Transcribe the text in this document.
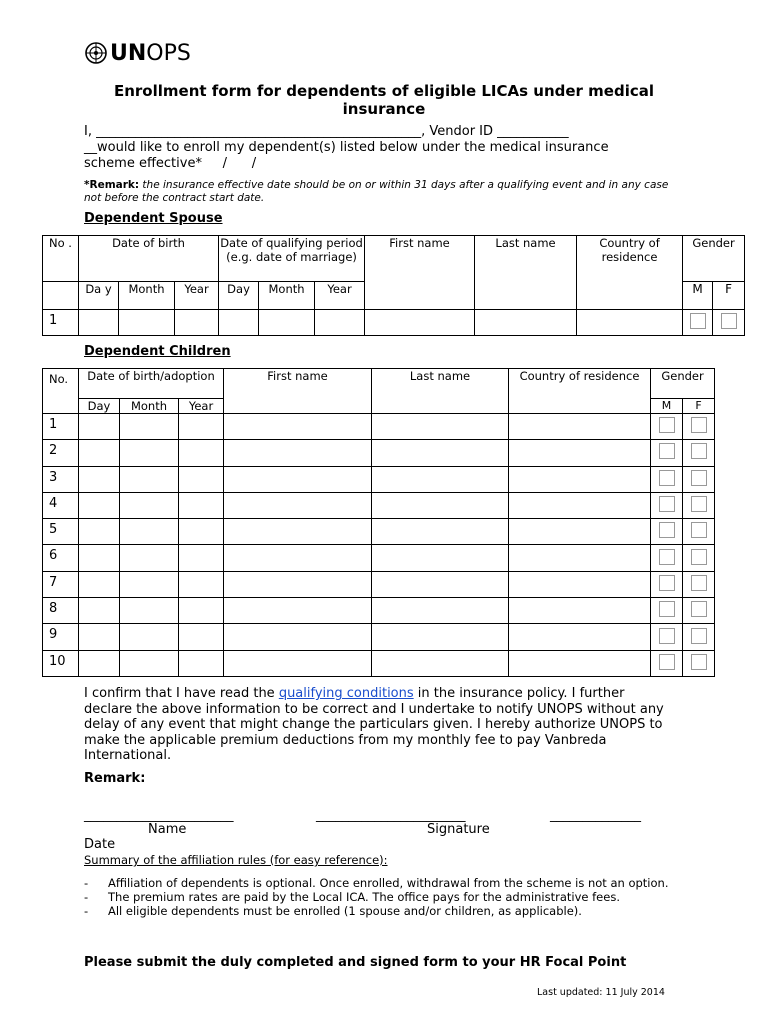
UNOPS
Enrollment form for dependents of eligible LICAs under medical insurance
I, __________________________________________________, Vendor ID ___________
__would like to enroll my dependent(s) listed below under the medical insurance
scheme effective*     /      /
*Remark: the insurance effective date should be on or within 31 days after a qualifying event and in any case not before the contract start date.
Dependent Spouse
No .	Date of birth			Date of qualifying period (e.g. date of marriage)			First name	Last name	Country of residence	Gender	
	Da y	Month	Year	Day	Month	Year				M	F
1											
Dependent Children
No.	Date of birth/adoption			First name	Last name	Country of residence	Gender	
	Day	Month	Year				M	F
1								
2								
3								
4								
5								
6								
7								
8								
9								
10								
I confirm that I have read the qualifying conditions in the insurance policy. I further declare the above information to be correct and I undertake to notify UNOPS without any delay of any event that might change the particulars given. I hereby authorize UNOPS to make the applicable premium deductions from my monthly fee to pay Vanbreda International.
Remark:
_______________________	_______________________	______________
Name	Signature
Date
Summary of the affiliation rules (for easy reference):
- Affiliation of dependents is optional. Once enrolled, withdrawal from the scheme is not an option.
- The premium rates are paid by the Local ICA. The office pays for the administrative fees.
- All eligible dependents must be enrolled (1 spouse and/or children, as applicable).
Please submit the duly completed and signed form to your HR Focal Point
Last updated: 11 July 2014
